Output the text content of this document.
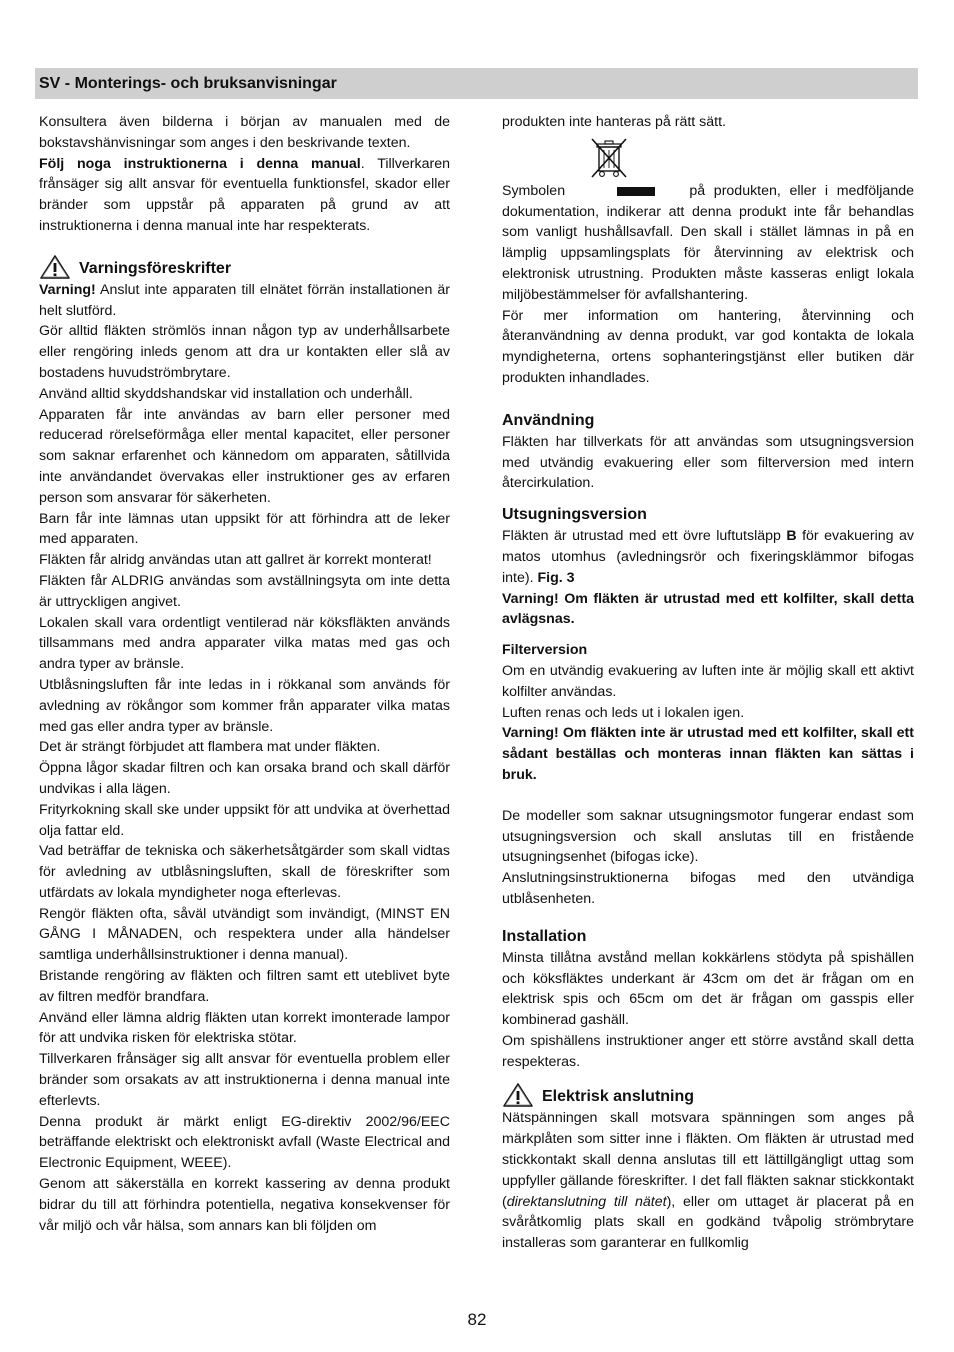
SV - Monterings- och bruksanvisningar

Konsultera även bilderna i början av manualen med de bokstavshänvisningar som anges i den beskrivande texten.

Följ noga instruktionerna i denna manual. Tillverkaren frånsäger sig allt ansvar för eventuella funktionsfel, skador eller bränder som uppstår på apparaten på grund av att instruktionerna i denna manual inte har respekterats.

Varningsföreskrifter

Varning! Anslut inte apparaten till elnätet förrän installationen är helt slutförd.

Gör alltid fläkten strömlös innan någon typ av underhållsarbete eller rengöring inleds genom att dra ur kontakten eller slå av bostadens huvudströmbrytare.

Använd alltid skyddshandskar vid installation och underhåll.

Apparaten får inte användas av barn eller personer med reducerad rörelseförmåga eller mental kapacitet, eller personer som saknar erfarenhet och kännedom om apparaten, såtillvida inte användandet övervakas eller instruktioner ges av erfaren person som ansvarar för säkerheten.

Barn får inte lämnas utan uppsikt för att förhindra att de leker med apparaten.

Fläkten får alridg användas utan att gallret är korrekt monterat!

Fläkten får ALDRIG användas som avställningsyta om inte detta är uttryckligen angivet.

Lokalen skall vara ordentligt ventilerad när köksfläkten används tillsammans med andra apparater vilka matas med gas och andra typer av bränsle.

Utblåsningsluften får inte ledas in i rökkanal som används för avledning av rökångor som kommer från apparater vilka matas med gas eller andra typer av bränsle.

Det är strängt förbjudet att flambera mat under fläkten.

Öppna lågor skadar filtren och kan orsaka brand och skall därför undvikas i alla lägen.

Frityrkokning skall ske under uppsikt för att undvika at överhettad olja fattar eld.

Vad beträffar de tekniska och säkerhetsåtgärder som skall vidtas för avledning av utblåsningsluften, skall de föreskrifter som utfärdats av lokala myndigheter noga efterlevas.

Rengör fläkten ofta, såväl utvändigt som invändigt, (MINST EN GÅNG I MÅNADEN, och respektera under alla händelser samtliga underhållsinstruktioner i denna manual).

Bristande rengöring av fläkten och filtren samt ett uteblivet byte av filtren medför brandfara.

Använd eller lämna aldrig fläkten utan korrekt imonterade lampor för att undvika risken för elektriska stötar.

Tillverkaren frånsäger sig allt ansvar för eventuella problem eller bränder som orsakats av att instruktionerna i denna manual inte efterlevts.

Denna produkt är märkt enligt EG-direktiv 2002/96/EEC beträffande elektriskt och elektroniskt avfall (Waste Electrical and Electronic Equipment, WEEE).

Genom att säkerställa en korrekt kassering av denna produkt bidrar du till att förhindra potentiella, negativa konsekvenser för vår miljö och vår hälsa, som annars kan bli följden om

produkten inte hanteras på rätt sätt.

Symbolen	på produkten, eller i medföljande dokumentation, indikerar att denna produkt inte får behandlas som vanligt hushållsavfall. Den skall i stället lämnas in på en lämplig uppsamlingsplats för återvinning av elektrisk och elektronisk utrustning. Produkten måste kasseras enligt lokala miljöbestämmelser för avfallshantering.

För mer information om hantering, återvinning och återanvändning av denna produkt, var god kontakta de lokala myndigheterna, ortens sophanteringstjänst eller butiken där produkten inhandlades.

Användning

Fläkten har tillverkats för att användas som utsugningsversion med utvändig evakuering eller som filterversion med intern återcirkulation.

Utsugningsversion

Fläkten är utrustad med ett övre luftutsläpp B för evakuering av matos utomhus (avledningsrör och fixeringsklämmor bifogas inte). Fig. 3

Varning! Om fläkten är utrustad med ett kolfilter, skall detta avlägsnas.

Filterversion

Om en utvändig evakuering av luften inte är möjlig skall ett aktivt kolfilter användas.

Luften renas och leds ut i lokalen igen.

Varning! Om fläkten inte är utrustad med ett kolfilter, skall ett sådant beställas och monteras innan fläkten kan sättas i bruk.

De modeller som saknar utsugningsmotor fungerar endast som utsugningsversion och skall anslutas till en fristående utsugningsenhet (bifogas icke).

Anslutningsinstruktionerna bifogas med den utvändiga utblåsenheten.

Installation

Minsta tillåtna avstånd mellan kokkärlens stödyta på spishällen och köksfläktes underkant är 43cm om det är frågan om en elektrisk spis och 65cm om det är frågan om gasspis eller kombinerad gashäll.

Om spishällens instruktioner anger ett större avstånd skall detta respekteras.

Elektrisk anslutning

Nätspänningen skall motsvara spänningen som anges på märkplåten som sitter inne i fläkten. Om fläkten är utrustad med stickkontakt skall denna anslutas till ett lättillgängligt uttag som uppfyller gällande föreskrifter. I det fall fläkten saknar stickkontakt (direktanslutning till nätet), eller om uttaget är placerat på en svåråtkomlig plats skall en godkänd tvåpolig strömbrytare installeras som garanterar en fullkomlig

82
